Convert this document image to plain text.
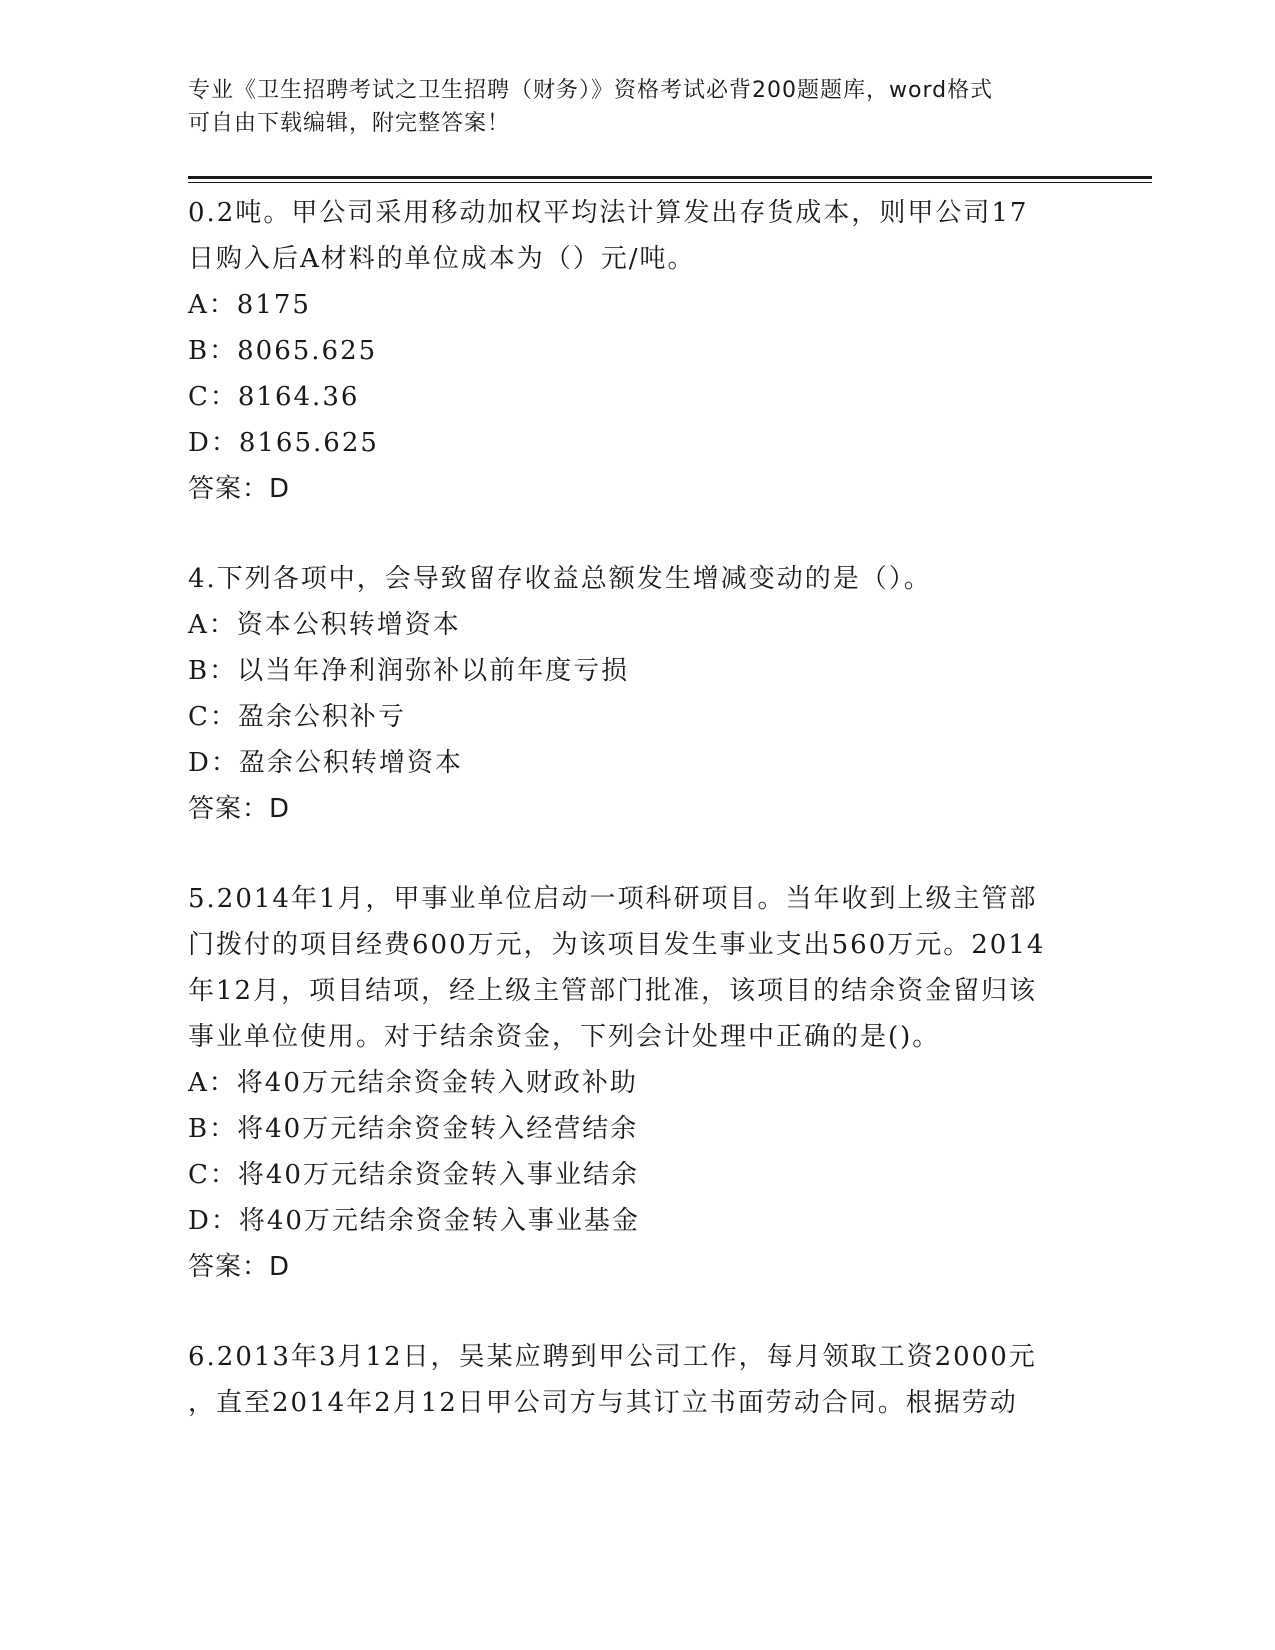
专业《卫生招聘考试之卫生招聘（财务）》资格考试必背200题题库，word格式
可自由下载编辑，附完整答案！
0.2吨。甲公司采用移动加权平均法计算发出存货成本，则甲公司17
日购入后A材料的单位成本为（）元/吨。
A：8175
B：8065.625
C：8164.36
D：8165.625
答案：D
4.下列各项中，会导致留存收益总额发生增减变动的是（）。
A：资本公积转增资本
B：以当年净利润弥补以前年度亏损
C：盈余公积补亏
D：盈余公积转增资本
答案：D
5.2014年1月，甲事业单位启动一项科研项目。当年收到上级主管部
门拨付的项目经费600万元，为该项目发生事业支出560万元。2014
年12月，项目结项，经上级主管部门批准，该项目的结余资金留归该
事业单位使用。对于结余资金，下列会计处理中正确的是()。
A：将40万元结余资金转入财政补助
B：将40万元结余资金转入经营结余
C：将40万元结余资金转入事业结余
D：将40万元结余资金转入事业基金
答案：D
6.2013年3月12日，吴某应聘到甲公司工作，每月领取工资2000元
，直至2014年2月12日甲公司方与其订立书面劳动合同。根据劳动
